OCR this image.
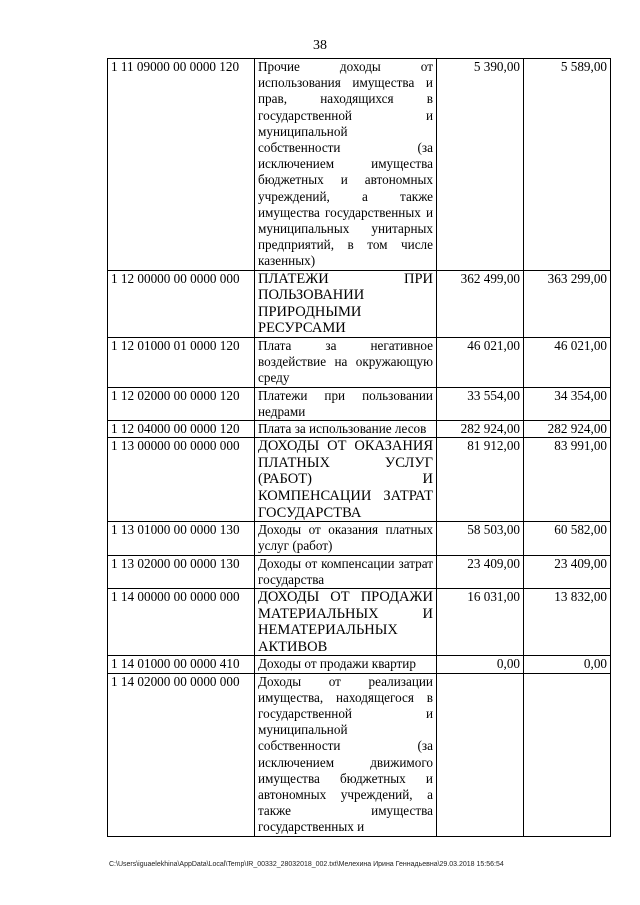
38
1 11 09000 00 0000 120	Прочие доходы от использования имущества и прав, находящихся в государственной и муниципальной собственности (за исключением имущества бюджетных и автономных учреждений, а также имущества государственных и муниципальных унитарных предприятий, в том числе казенных)	5 390,00	5 589,00
1 12 00000 00 0000 000	ПЛАТЕЖИ ПРИ ПОЛЬЗОВАНИИ ПРИРОДНЫМИ РЕСУРСАМИ	362 499,00	363 299,00
1 12 01000 01 0000 120	Плата за негативное воздействие на окружающую среду	46 021,00	46 021,00
1 12 02000 00 0000 120	Платежи при пользовании недрами	33 554,00	34 354,00
1 12 04000 00 0000 120	Плата за использование лесов	282 924,00	282 924,00
1 13 00000 00 0000 000	ДОХОДЫ ОТ ОКАЗАНИЯ ПЛАТНЫХ УСЛУГ (РАБОТ) И КОМПЕНСАЦИИ ЗАТРАТ ГОСУДАРСТВА	81 912,00	83 991,00
1 13 01000 00 0000 130	Доходы от оказания платных услуг (работ)	58 503,00	60 582,00
1 13 02000 00 0000 130	Доходы от компенсации затрат государства	23 409,00	23 409,00
1 14 00000 00 0000 000	ДОХОДЫ ОТ ПРОДАЖИ МАТЕРИАЛЬНЫХ И НЕМАТЕРИАЛЬНЫХ АКТИВОВ	16 031,00	13 832,00
1 14 01000 00 0000 410	Доходы от продажи квартир	0,00	0,00
1 14 02000 00 0000 000	Доходы от реализации имущества, находящегося в государственной и муниципальной собственности (за исключением движимого имущества бюджетных и автономных учреждений, а также имущества государственных и		
C:\Users\iguaelekhina\AppData\Local\Temp\IR_00332_28032018_002.txt\Мелехина Ирина Геннадьевна\29.03.2018 15:56:54
